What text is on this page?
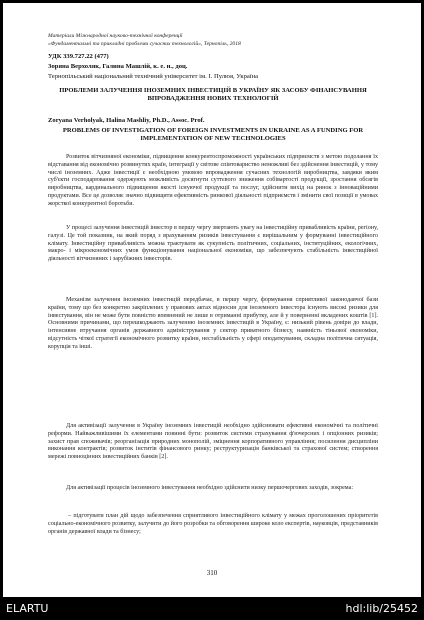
Матеріали Міжнародної науково-технічної конференції
«Фундаментальні та прикладні проблеми сучасних технологій», Тернопіль, 2018
УДК 339.727.22 (477)
Зоряна Верхоляк, Галина Машлій, к. е. н., доц.
Тернопільський національний технічний університет ім. І. Пулюя, Україна
ПРОБЛЕМИ ЗАЛУЧЕННЯ ІНОЗЕМНИХ ІНВЕСТИЦІЙ В УКРАЇНУ ЯК ЗАСОБУ ФІНАНСУВАННЯ ВПРОВАДЖЕННЯ НОВИХ ТЕХНОЛОГІЙ
Zoryana Verholyak, Halina Mashliy, Ph.D., Assoc. Prof.
PROBLEMS OF INVESTIGATION OF FOREIGN INVESTMENTS IN UKRAINE AS A FUNDING FOR IMPLEMENTATION OF NEW TECHNOLOGIES
Розвиток вітчизняної економіки, підвищення конкурентоспроможності українських підприємств з метою подолання їх відставання від економічно розвинутих країн, інтеграції у світове співтовариство неможливі без здійснення інвестицій, у тому числі іноземних. Адже інвестиції є необхідною умовою впровадження сучасних технологій виробництва, завдяки яким суб'єкти господарювання одержують можливість досягнути суттєвого зниження собівартості продукції, зростання обсягів виробництва, кардинального підвищення якості існуючої продукції та послуг, здійснити вихід на ринок з інноваційними продуктами. Все це дозволяє значно підвищити ефективність ринкової діяльності підприємств і змінити свої позиції в умовах жорсткої конкурентної боротьби.
У процесі залучення інвестицій інвестор в першу чергу звертають увагу на інвестиційну привабливість країни, регіону, галузі. Це той показник, на який поряд з врахуванням ризиків інвестування є вирішальним у формуванні інвестиційного клімату. Інвестиційну привабливість можна трактувати як сукупність політичних, соціальних, інституційних, екологічних, макро- і мікроекономічних умов функціонування національної економіки, що забезпечують стабільність інвестиційної діяльності вітчизняних і зарубіжних інвесторів.
Механізм залучення іноземних інвестицій передбачає, в першу чергу, формування сприятливої законодавчої бази країни, тому що без конкретно закріплених у правових актах відносин для іноземного інвестора існують високі ризики для інвестування, він не може бути повністю впевнений не лише в отриманні прибутку, але й у поверненні вкладених коштів [1]. Основними причинами, що перешкоджають залученню іноземних інвестицій в Україну, є: низький рівень довіри до влади, інтенсивне втручання органів державного адміністрування у сектор приватного бізнесу, наявність тіньової економіки, відсутність чіткої стратегії економічного розвитку країни, нестабільність у сфері оподаткування, складна політична ситуація, корупція та інші.
Для активізації залучення в Україну іноземних інвестицій необхідно здійснювати ефективні економічні та політичні реформи. Найважливішими їх елементами повинні бути: розвиток системи страхування ф'ючерсних і опціонних ризиків; захист прав споживачів; реорганізація природних монополій, зміцнення корпоративного управління; посилення дисципліни виконання контрактів; розвиток інститів фінансового ринку; реструктуризація банківської та страхової систем; створення мережі повноцінних інвестиційних банків [2].
Для активізації процесів іноземного інвестування необхідно здійснити низку першочергових заходів, зокрема:
– підготувати план дій щодо забезпечення сприятливого інвестиційного клімату у межах проголошених пріоритетів соціально-економічного розвитку, залучити до його розробки та обговорення широке коло експертів, науковців, представників органів державної влади та бізнесу;
310
ELARTU	hdl:lib/25452
